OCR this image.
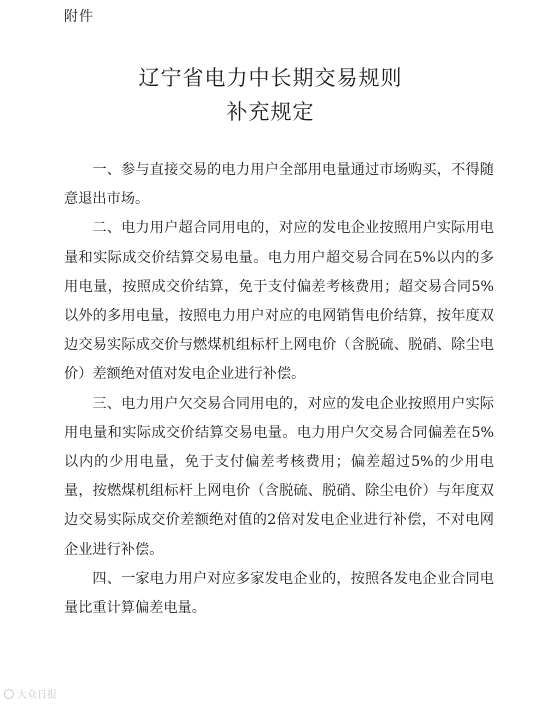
附件
辽宁省电力中长期交易规则
补充规定

一、参与直接交易的电力用户全部用电量通过市场购买，不得随意退出市场。

二、电力用户超合同用电的，对应的发电企业按照用户实际用电量和实际成交价结算交易电量。电力用户超交易合同在5%以内的多用电量，按照成交价结算，免于支付偏差考核费用；超交易合同5%以外的多用电量，按照电力用户对应的电网销售电价结算，按年度双边交易实际成交价与燃煤机组标杆上网电价（含脱硫、脱硝、除尘电价）差额绝对值对发电企业进行补偿。

三、电力用户欠交易合同用电的，对应的发电企业按照用户实际用电量和实际成交价结算交易电量。电力用户欠交易合同偏差在5%以内的少用电量，免于支付偏差考核费用；偏差超过5%的少用电量，按燃煤机组标杆上网电价（含脱硫、脱硝、除尘电价）与年度双边交易实际成交价差额绝对值的2倍对发电企业进行补偿，不对电网企业进行补偿。

四、一家电力用户对应多家发电企业的，按照各发电企业合同电量比重计算偏差电量。

大众日报
